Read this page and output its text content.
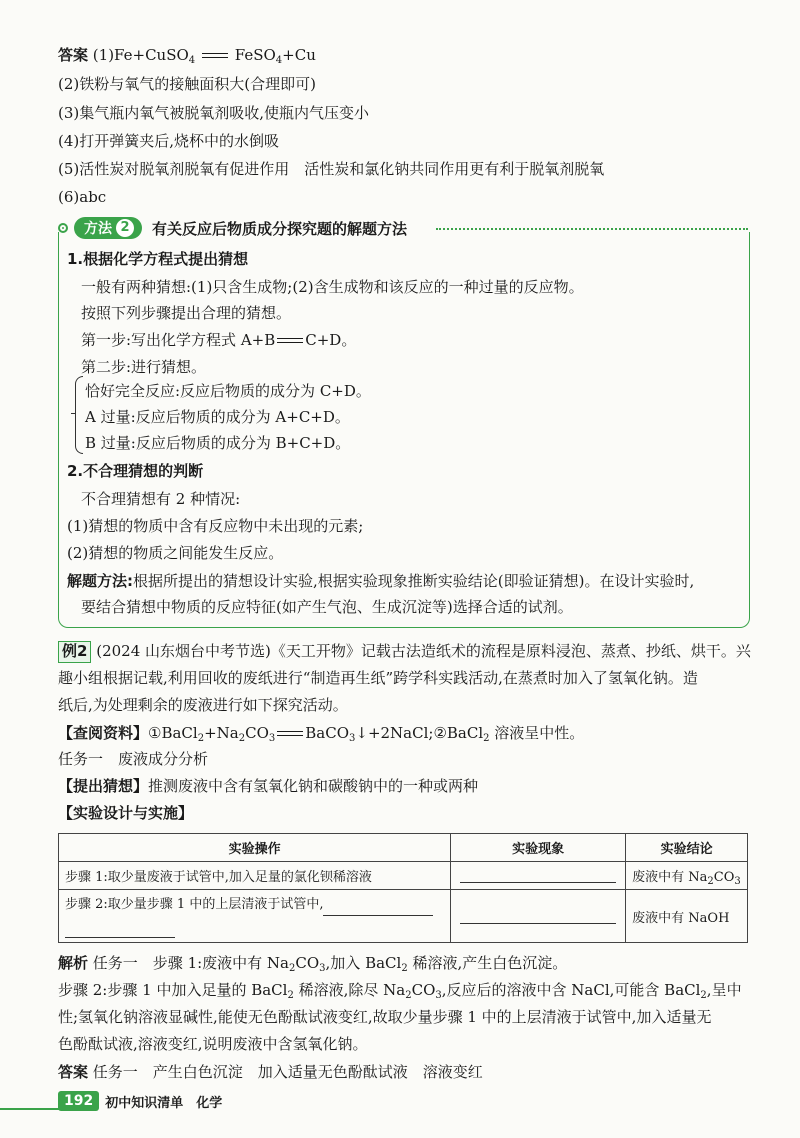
答案 (1)Fe+CuSO$_4$	FeSO$_4$+Cu
(2)铁粉与氧气的接触面积大(合理即可)
(3)集气瓶内氧气被脱氧剂吸收,使瓶内气压变小
(4)打开弹簧夹后,烧杯中的水倒吸
(5)活性炭对脱氧剂脱氧有促进作用　活性炭和氯化钠共同作用更有利于脱氧剂脱氧
(6)abc
方法 2 有关反应后物质成分探究题的解题方法
1.根据化学方程式提出猜想
一般有两种猜想:(1)只含生成物;(2)含生成物和该反应的一种过量的反应物。
按照下列步骤提出合理的猜想。
第一步:写出化学方程式 A+B C+D。
第二步:进行猜想。
恰好完全反应:反应后物质的成分为 C+D。
A 过量:反应后物质的成分为 A+C+D。
B 过量:反应后物质的成分为 B+C+D。
2.不合理猜想的判断
不合理猜想有 2 种情况:
(1)猜想的物质中含有反应物中未出现的元素;
(2)猜想的物质之间能发生反应。
解题方法:根据所提出的猜想设计实验,根据实验现象推断实验结论(即验证猜想)。在设计实验时,
要结合猜想中物质的反应特征(如产生气泡、生成沉淀等)选择合适的试剂。
例2 (2024 山东烟台中考节选)《天工开物》记载古法造纸术的流程是原料浸泡、蒸煮、抄纸、烘干。兴
趣小组根据记载,利用回收的废纸进行“制造再生纸”跨学科实践活动,在蒸煮时加入了氢氧化钠。造
纸后,为处理剩余的废液进行如下探究活动。
【查阅资料】$①BaCl_2+Na_2CO_3$ BaCO$_3$↓+2NaCl;②BaCl$_2$ 溶液呈中性。
任务一　废液成分分析
【提出猜想】推测废液中含有氢氧化钠和碳酸钠中的一种或两种
【实验设计与实施】
实验操作	实验现象	实验结论
步骤 1:取少量废液于试管中,加入足量的氯化钡稀溶液		废液中有 $Na_2CO_3$
步骤 2:取少量步骤 1 中的上层清液于试管中,		废液中有 NaOH
解析 任务一　步骤 1:废液中有 $Na_2CO_3$,加入 BaCl$_2$ 稀溶液,产生白色沉淀。
步骤 2:步骤 1 中加入足量的 BaCl$_2$ 稀溶液,除尽 $Na_2CO_3$,反应后的溶液中含 NaCl,可能含 BaCl$_2$,呈中
性;氢氧化钠溶液显碱性,能使无色酚酞试液变红,故取少量步骤 1 中的上层清液于试管中,加入适量无
色酚酞试液,溶液变红,说明废液中含氢氧化钠。
答案 任务一　产生白色沉淀　加入适量无色酚酞试液　溶液变红
192 初中知识清单　化学
